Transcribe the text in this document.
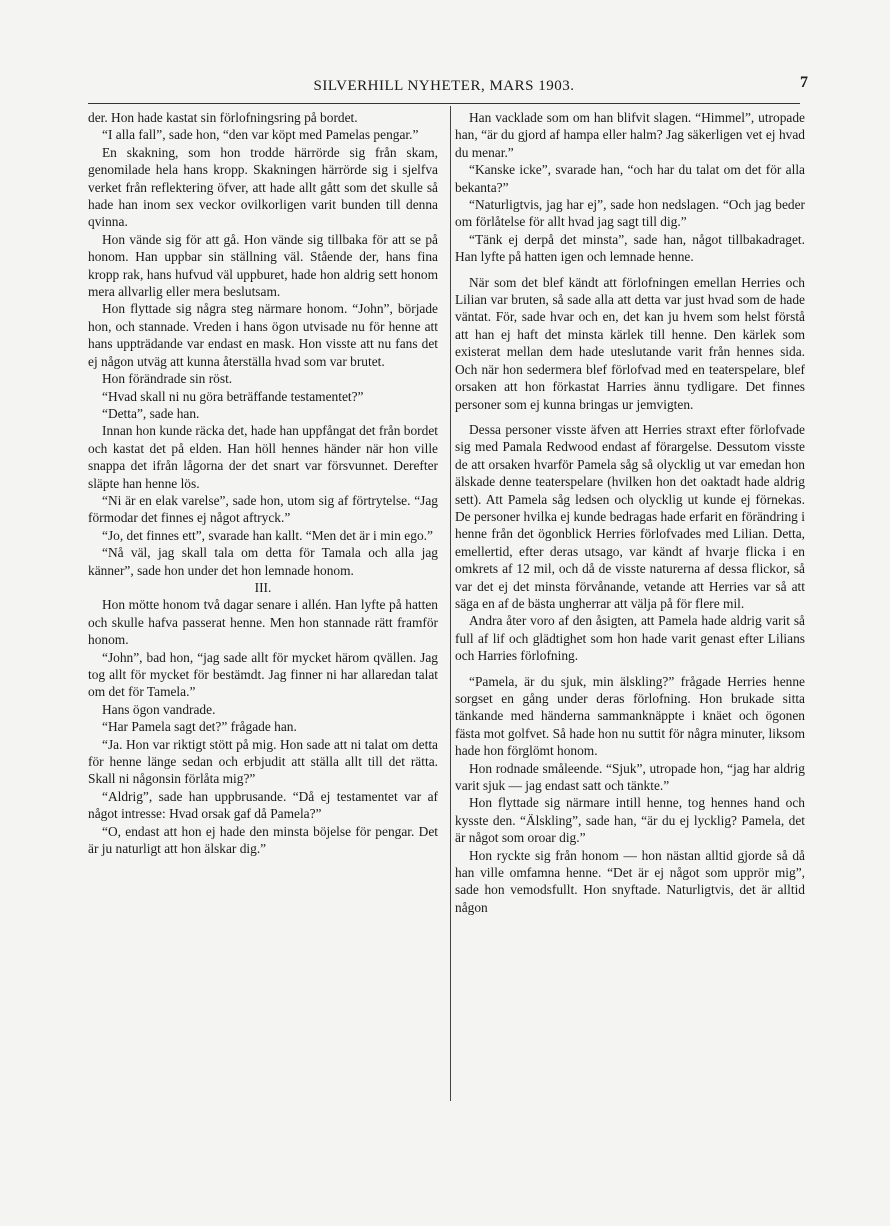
SILVERHILL NYHETER, MARS 1903.	7

der. Hon hade kastat sin förlofningsring på bordet.

“I alla fall”, sade hon, “den var köpt med Pamelas pengar.”

En skakning, som hon trodde härrörde sig från skam, genomilade hela hans kropp. Skakningen härrörde sig i sjelfva verket från reflektering öfver, att hade allt gått som det skulle så hade han inom sex veckor ovilkorligen varit bunden till denna qvinna.

Hon vände sig för att gå. Hon vände sig tillbaka för att se på honom. Han uppbar sin ställning väl. Stående der, hans fina kropp rak, hans hufvud väl uppburet, hade hon aldrig sett honom mera allvarlig eller mera beslutsam.

Hon flyttade sig några steg närmare honom. “John”, började hon, och stannade. Vreden i hans ögon utvisade nu för henne att hans uppträdande var endast en mask. Hon visste att nu fans det ej någon utväg att kunna återställa hvad som var brutet.

Hon förändrade sin röst.

“Hvad skall ni nu göra beträffande testamentet?”

“Detta”, sade han.

Innan hon kunde räcka det, hade han uppfångat det från bordet och kastat det på elden. Han höll hennes händer när hon ville snappa det ifrån lågorna der det snart var försvunnet. Derefter släpte han henne lös.

“Ni är en elak varelse”, sade hon, utom sig af förtrytelse. “Jag förmodar det finnes ej något aftryck.”

“Jo, det finnes ett”, svarade han kallt. “Men det är i min ego.”

“Nå väl, jag skall tala om detta för Tamala och alla jag känner”, sade hon under det hon lemnade honom.

III.

Hon mötte honom två dagar senare i allén. Han lyfte på hatten och skulle hafva passerat henne. Men hon stannade rätt framför honom.

“John”, bad hon, “jag sade allt för mycket härom qvällen. Jag tog allt för mycket för bestämdt. Jag finner ni har allaredan talat om det för Tamela.”

Hans ögon vandrade.

“Har Pamela sagt det?” frågade han.

“Ja. Hon var riktigt stött på mig. Hon sade att ni talat om detta för henne länge sedan och erbjudit att ställa allt till det rätta. Skall ni någonsin förlåta mig?”

“Aldrig”, sade han uppbrusande. “Då ej testamentet var af något intresse: Hvad orsak gaf då Pamela?”

“O, endast att hon ej hade den minsta böjelse för pengar. Det är ju naturligt att hon älskar dig.”

Han vacklade som om han blifvit slagen. “Himmel”, utropade han, “är du gjord af hampa eller halm? Jag säkerligen vet ej hvad du menar.”

“Kanske icke”, svarade han, “och har du talat om det för alla bekanta?”

“Naturligtvis, jag har ej”, sade hon nedslagen. “Och jag beder om förlåtelse för allt hvad jag sagt till dig.”

“Tänk ej derpå det minsta”, sade han, något tillbakadraget. Han lyfte på hatten igen och lemnade henne.

När som det blef kändt att förlofningen emellan Herries och Lilian var bruten, så sade alla att detta var just hvad som de hade väntat. För, sade hvar och en, det kan ju hvem som helst förstå att han ej haft det minsta kärlek till henne. Den kärlek som existerat mellan dem hade uteslutande varit från hennes sida. Och när hon sedermera blef förlofvad med en teaterspelare, blef orsaken att hon förkastat Harries ännu tydligare. Det finnes personer som ej kunna bringas ur jemvigten.

Dessa personer visste äfven att Herries straxt efter förlofvade sig med Pamala Redwood endast af förargelse. Dessutom visste de att orsaken hvarför Pamela såg så olycklig ut var emedan hon älskade denne teaterspelare (hvilken hon det oaktadt hade aldrig sett). Att Pamela såg ledsen och olycklig ut kunde ej förnekas. De personer hvilka ej kunde bedragas hade erfarit en förändring i henne från det ögonblick Herries förlofvades med Lilian. Detta, emellertid, efter deras utsago, var kändt af hvarje flicka i en omkrets af 12 mil, och då de visste naturerna af dessa flickor, så var det ej det minsta förvånande, vetande att Herries var så att säga en af de bästa ungherrar att välja på för flere mil.

Andra åter voro af den åsigten, att Pamela hade aldrig varit så full af lif och glädtighet som hon hade varit genast efter Lilians och Harries förlofning.

“Pamela, är du sjuk, min älskling?” frågade Herries henne sorgset en gång under deras förlofning. Hon brukade sitta tänkande med händerna sammanknäppte i knäet och ögonen fästa mot golfvet. Så hade hon nu suttit för några minuter, liksom hade hon förglömt honom.

Hon rodnade småleende. “Sjuk”, utropade hon, “jag har aldrig varit sjuk — jag endast satt och tänkte.”

Hon flyttade sig närmare intill henne, tog hennes hand och kysste den. “Älskling”, sade han, “är du ej lycklig? Pamela, det är något som oroar dig.”

Hon ryckte sig från honom — hon nästan alltid gjorde så då han ville omfamna henne. “Det är ej något som upprör mig”, sade hon vemodsfullt. Hon snyftade. Naturligtvis, det är alltid någon
